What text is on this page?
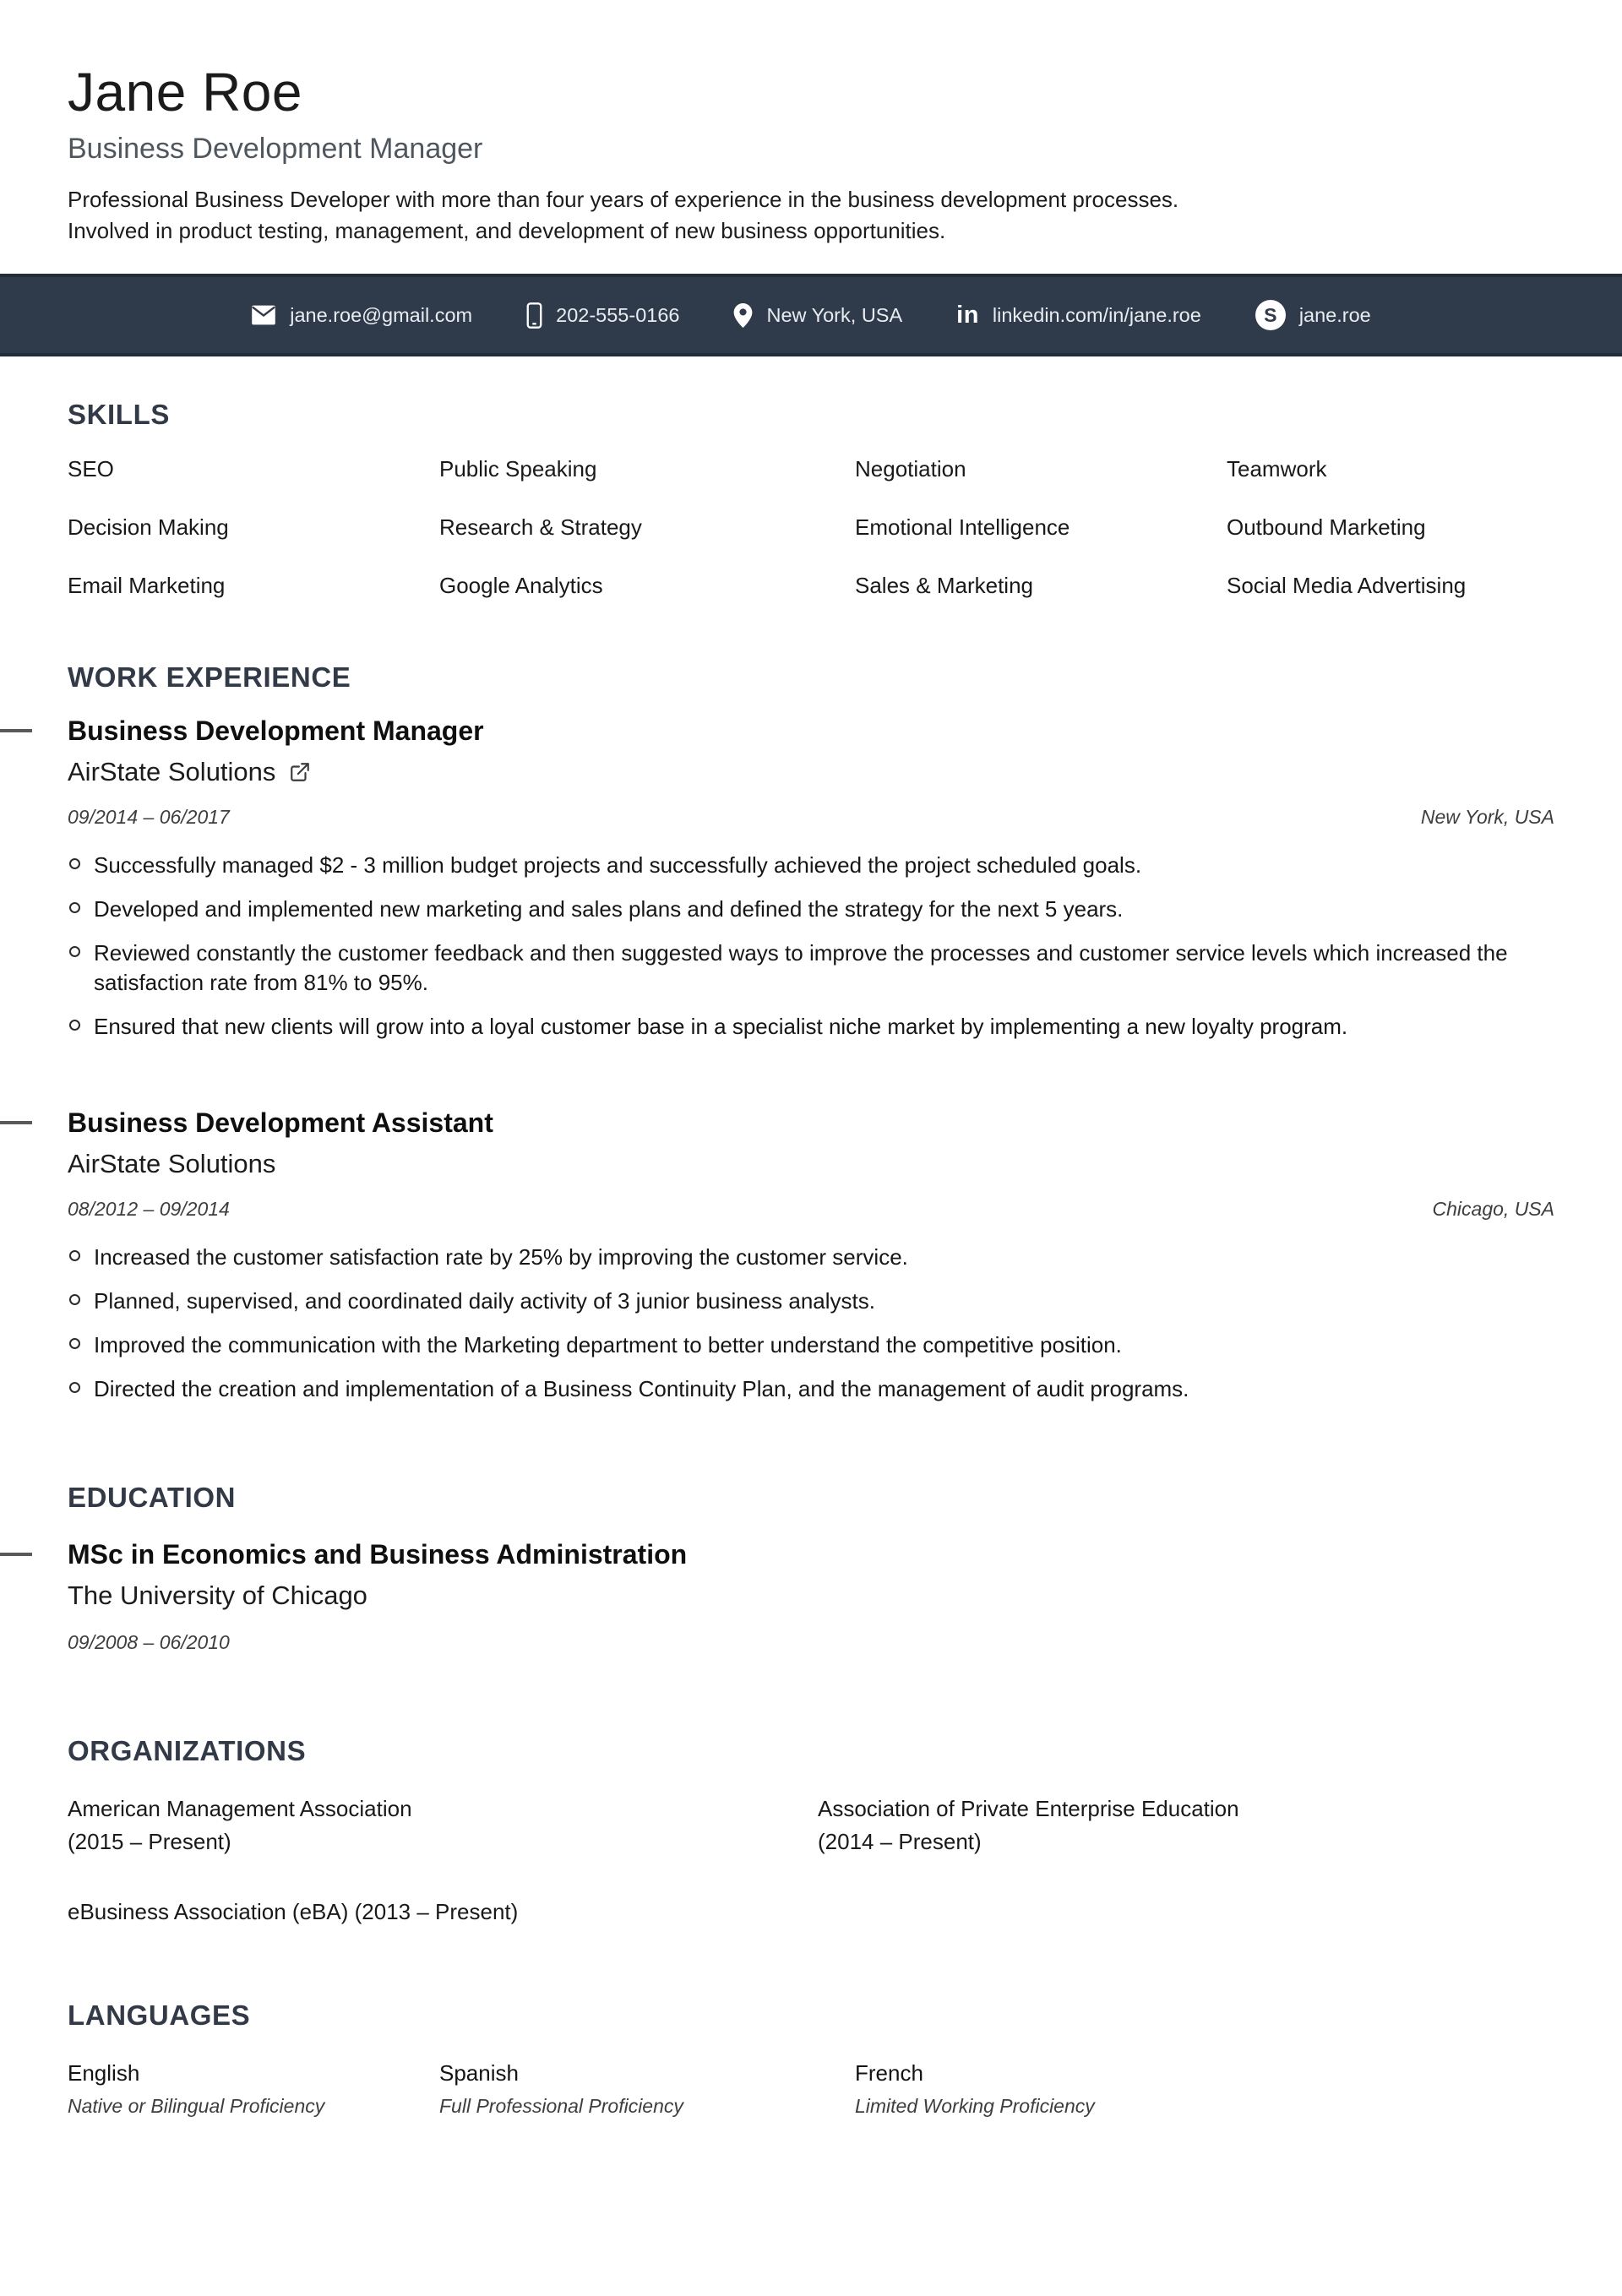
Jane Roe
Business Development Manager

Professional Business Developer with more than four years of experience in the business development processes.
Involved in product testing, management, and development of new business opportunities.

jane.roe@gmail.com	202-555-0166	New York, USA in linkedin.com/in/jane.roe	S	jane.roe
SKILLS
SEO	Public Speaking	Negotiation	Teamwork
Decision Making	Research & Strategy	Emotional Intelligence	Outbound Marketing
Email Marketing	Google Analytics	Sales & Marketing	Social Media Advertising
WORK EXPERIENCE
Business Development Manager
AirState Solutions
09/2014 – 06/2017	New York, USA
Successfully managed $2 - 3 million budget projects and successfully achieved the project scheduled goals.
Developed and implemented new marketing and sales plans and defined the strategy for the next 5 years.
Reviewed constantly the customer feedback and then suggested ways to improve the processes and customer service levels which increased the satisfaction rate from 81% to 95%.
Ensured that new clients will grow into a loyal customer base in a specialist niche market by implementing a new loyalty program.
Business Development Assistant
AirState Solutions
08/2012 – 09/2014	Chicago, USA
Increased the customer satisfaction rate by 25% by improving the customer service.
Planned, supervised, and coordinated daily activity of 3 junior business analysts.
Improved the communication with the Marketing department to better understand the competitive position.
Directed the creation and implementation of a Business Continuity Plan, and the management of audit programs.
EDUCATION
MSc in Economics and Business Administration
The University of Chicago
09/2008 – 06/2010
ORGANIZATIONS
American Management Association
(2015 – Present)
Association of Private Enterprise Education
(2014 – Present)
eBusiness Association (eBA) (2013 – Present)
LANGUAGES
English
Native or Bilingual Proficiency
Spanish
Full Professional Proficiency
French
Limited Working Proficiency
